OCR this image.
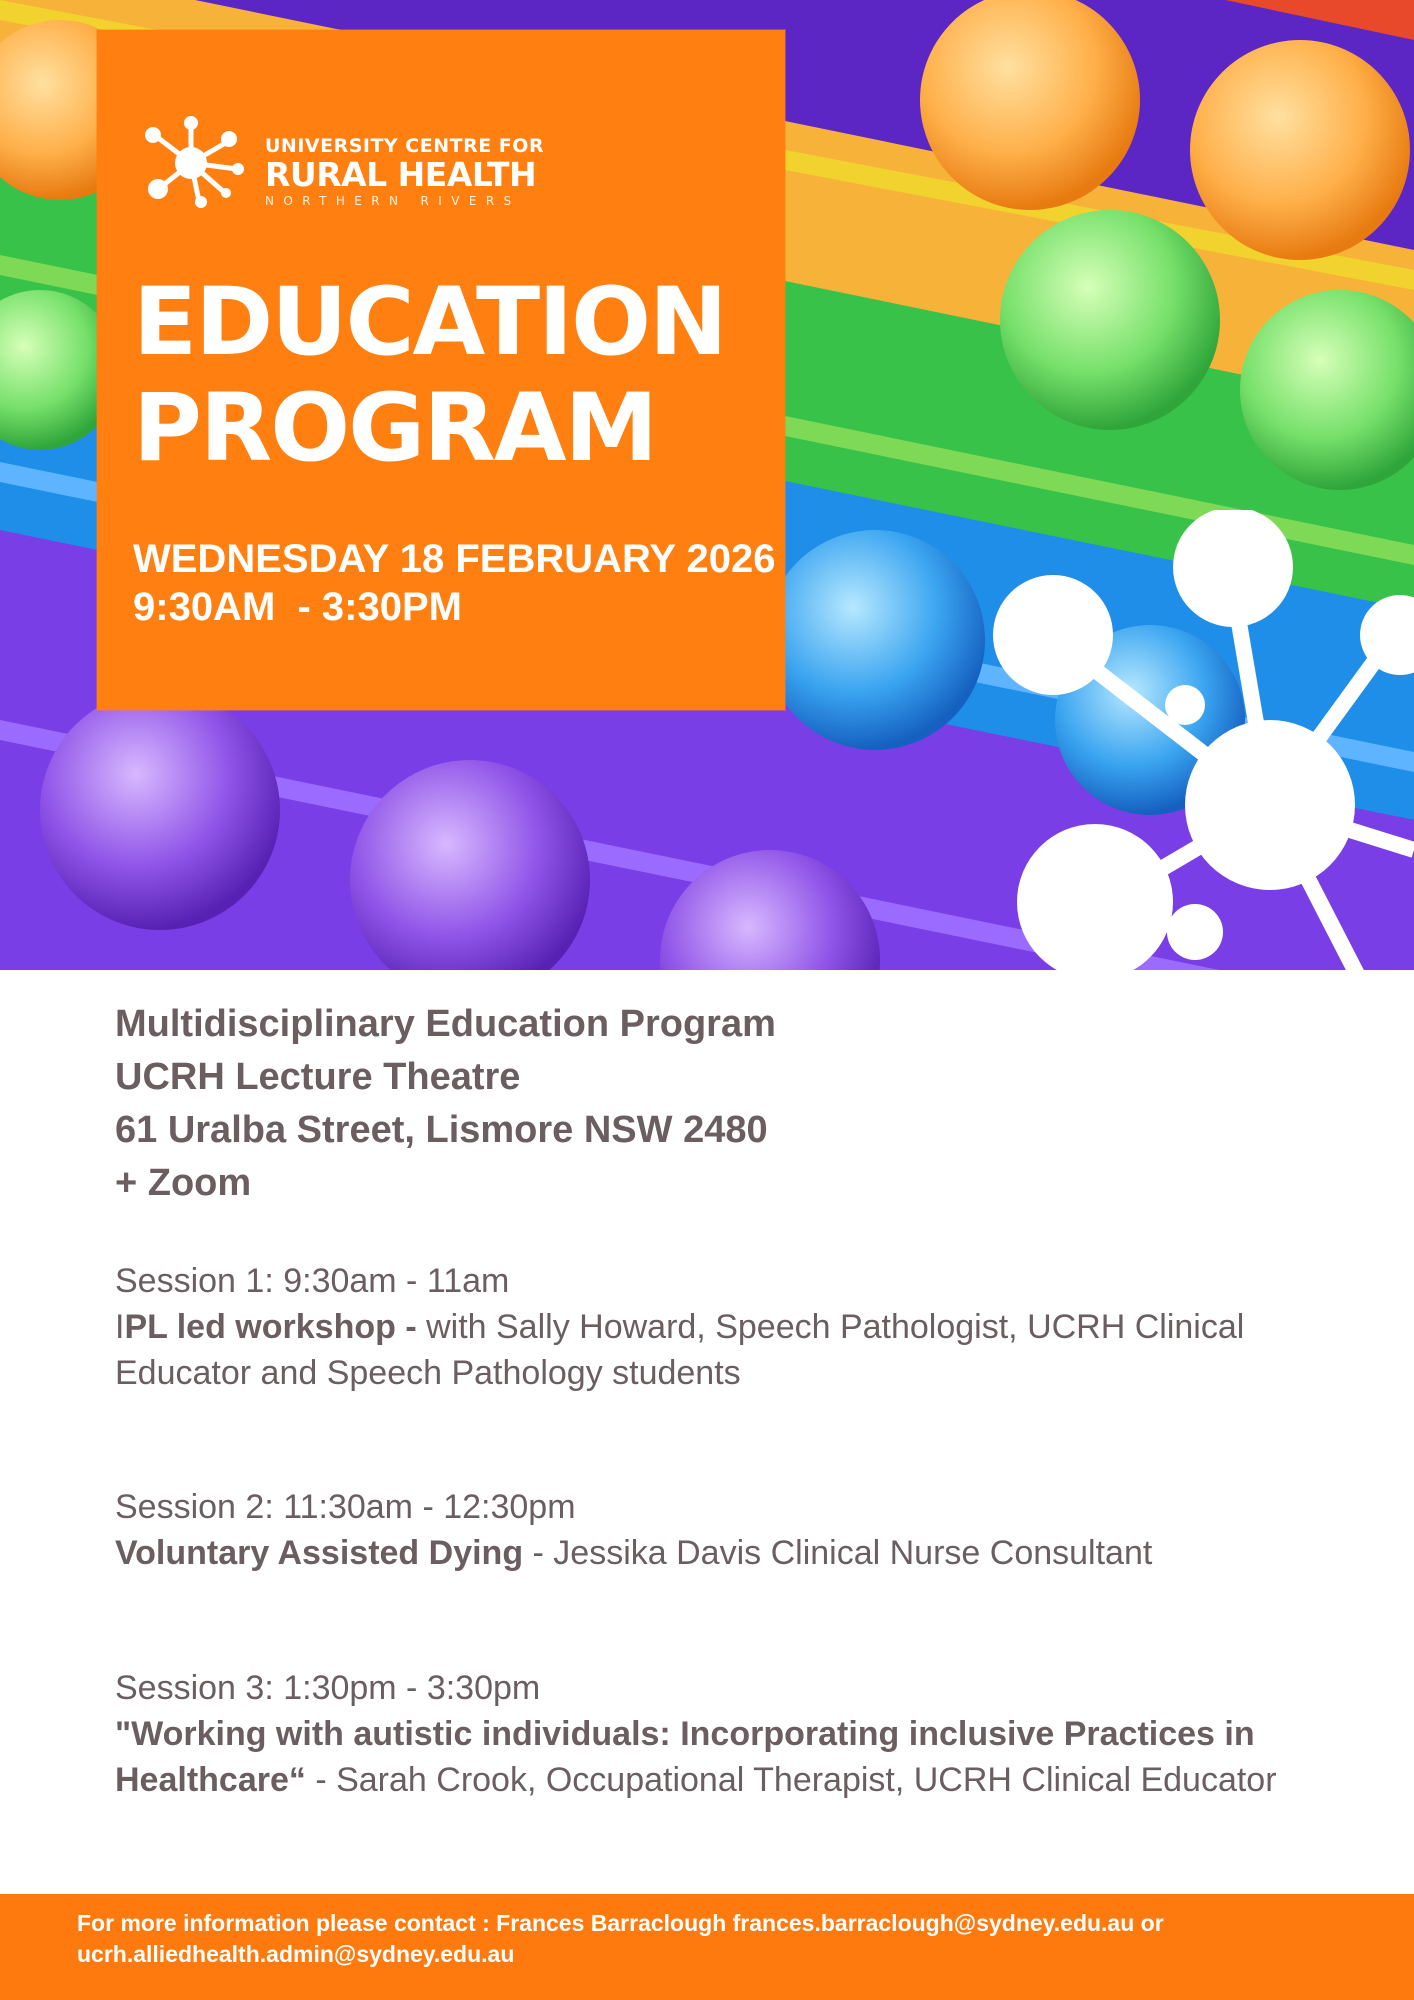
UNIVERSITY CENTRE FOR
RURAL HEALTH
NORTHERN RIVERS
EDUCATION
PROGRAM
WEDNESDAY 18 FEBRUARY 2026
9:30AM  - 3:30PM
Multidisciplinary Education Program
UCRH Lecture Theatre
61 Uralba Street, Lismore NSW 2480
+ Zoom
Session 1: 9:30am - 11am
IPL led workshop - with Sally Howard, Speech Pathologist, UCRH Clinical Educator and Speech Pathology students
Session 2: 11:30am - 12:30pm
Voluntary Assisted Dying - Jessika Davis Clinical Nurse Consultant
Session 3: 1:30pm - 3:30pm
"Working with autistic individuals: Incorporating inclusive Practices in Healthcare“ - Sarah Crook, Occupational Therapist, UCRH Clinical Educator
For more information please contact : Frances Barraclough frances.barraclough@sydney.edu.au or ucrh.alliedhealth.admin@sydney.edu.au
